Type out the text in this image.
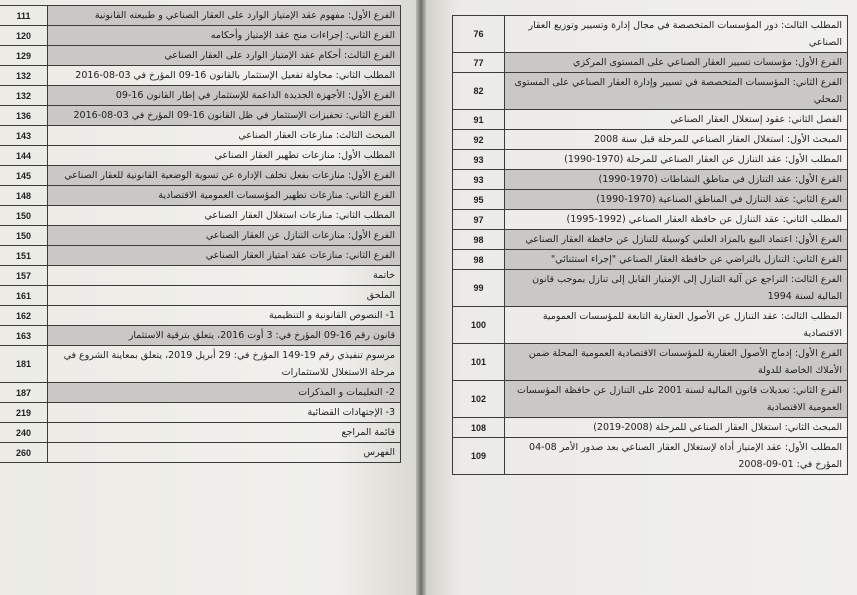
111	الفرع الأول: مفهوم عقد الإمتياز الوارد على العقار الصناعي و طبيعته القانونية
120	الفرع الثاني: إجراءات منح عقد الإمتياز وأحكامه
129	الفرع الثالث: أحكام عقد الإمتياز الوارد على العقار الصناعي
132	المطلب الثاني: محاولة تفعيل الإستثمار بالقانون 16-09 المؤرخ في 03-08-2016
132	الفرع الأول: الأجهزة الجديدة الداعمة للإستثمار في إطار القانون 16-09
136	الفرع الثاني: تحفيزات الإستثمار في ظل القانون 16-09 المؤرخ في 03-08-2016
143	المبحث الثالث: منازعات العقار الصناعي
144	المطلب الأول: منازعات تطهير العقار الصناعي
145	الفرع الأول: منازعات بفعل تخلف الإدارة عن تسوية الوضعية القانونية للعقار الصناعي
148	الفرع الثاني: منازعات تطهير المؤسسات العمومية الاقتصادية
150	المطلب الثاني: منازعات استغلال العقار الصناعي
150	الفرع الأول: منازعات التنازل عن العقار الصناعي
151	الفرع الثاني: منازعات عقد امتياز العقار الصناعي
157	خاتمة
161	الملحق
162	1- النصوص القانونية و التنظيمية
163	قانون رقم 16-09 المؤرخ في: 3 أوت 2016، يتعلق بترقية الاستثمار
181	مرسوم تنفيذي رقم 19-149 المؤرخ في: 29 أبريل 2019، يتعلق بمعاينة الشروع في مرحلة الاستغلال للاستثمارات
187	2- التعليمات و المذكرات
219	3- الإجتهادات القضائية
240	قائمة المراجع
260	الفهرس
76	المطلب الثالث: دور المؤسسات المتخصصة في مجال إدارة وتسيير وتوزيع العقار الصناعي
77	الفرع الأول: مؤسسات تسيير العقار الصناعي على المستوى المركزي
82	الفرع الثاني: المؤسسات المتخصصة في تسيير وإدارة العقار الصناعي على المستوى المحلي
91	الفصل الثاني: عقود إستغلال العقار الصناعي
92	المبحث الأول: استغلال العقار الصناعي للمرحلة قبل سنة 2008
93	المطلب الأول: عقد التنازل عن العقار الصناعي للمرحلة (1970-1990)
93	الفرع الأول: عقد التنازل في مناطق النشاطات (1970-1990)
95	الفرع الثاني: عقد التنازل في المناطق الصناعية (1970-1990)
97	المطلب الثاني: عقد التنازل عن حافظة العقار الصناعي (1992-1995)
98	الفرع الأول: اعتماد البيع بالمزاد العلني كوسيلة للتنازل عن حافظة العقار الصناعي
98	الفرع الثاني: التنازل بالتراضي عن حافظة العقار الصناعي "إجراء استثنائي"
99	الفرع الثالث: التراجع عن آلية التنازل إلى الإمتياز القابل إلى تنازل بموجب قانون المالية لسنة 1994
100	المطلب الثالث: عقد التنازل عن الأصول العقارية التابعة للمؤسسات العمومية الاقتصادية
101	الفرع الأول: إدماج الأصول العقارية للمؤسسات الاقتصادية العمومية المحلة ضمن الأملاك الخاصة للدولة
102	الفرع الثاني: تعديلات قانون المالية لسنة 2001 على التنازل عن حافظة المؤسسات العمومية الاقتصادية
108	المبحث الثاني: استغلال العقار الصناعي للمرحلة (2008-2019)
109	المطلب الأول: عقد الإمتياز أداة لإستغلال العقار الصناعي بعد صدور الأمر 08-04 المؤرخ في: 01-09-2008
